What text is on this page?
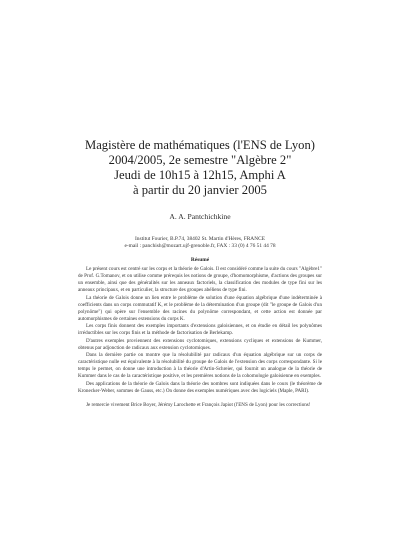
Magistère de mathématiques (l'ENS de Lyon)
2004/2005, 2e semestre "Algèbre 2"
Jeudi de 10h15 à 12h15, Amphi A
à partir du 20 janvier 2005
A. A. Pantchichkine
Institut Fourier, B.P.74, 38402 St. Martin d'Hères, FRANCE
e-mail : panchish@mozart.ujf-grenoble.fr, FAX : 33 (0) 4 76 51 44 78
Résumé

Le présent cours est centré sur les corps et la théorie de Galois. Il est considéré comme la suite du cours "Algèbre1" de Prof. G.Tomanov, et on utilise comme prérequis les notions de groupe, d'homomorphisme, d'actions des groupes sur un ensemble, ainsi que des généralités sur les anneaux factoriels, la classification des modules de type fini sur les anneaux principaux, et en particulier, la structure des groupes abéliens de type fini.

La théorie de Galois donne un lien entre le problème de solution d'une équation algébrique d'une indéterminée à coefficients dans un corps commutatif K, et le problème de la détermination d'un groupe (dit "le groupe de Galois d'un polynôme") qui opère sur l'ensemble des racines du polynôme correspondant, et cette action est donnée par automorphismes de certaines extensions du corps K.

Les corps finis donnent des exemples importants d'extensions galoisiennes, et on étudie en détail les polynômes irréductibles sur les corps finis et la méthode de factorisation de Berlekamp.

D'autres exemples proviennent des extensions cyclotomiques, extensions cycliques et extensions de Kummer, obtenus par adjonction de radicaux aux extension cyclotomiques.

Dans la dernière partie on montre que la résolubilité par radicaux d'un équation algébrique sur un corps de caractéristique nulle est équivalente à la résolubilité du groupe de Galois de l'extension des corps correspondante. Si le temps le permet, on donne une introduction à la théorie d'Artin-Schreier, qui fournit un analogue de la théorie de Kummer dans le cas de la caractéristique positive, et les premières notions de la cohomologie galoisienne en exemples.

Des applications de la théorie de Galois dans la théorie des nombres sont indiquées dans le cours (le théorème de Kronecker-Weber, sommes de Gauss, etc.) On donne des exemples numériques avec des logiciels (Maple, PARI).

Je remercie vivement Brice Boyer, Jérémy Larochette et François Japiot (l'ENS de Lyon) pour les corrections!
